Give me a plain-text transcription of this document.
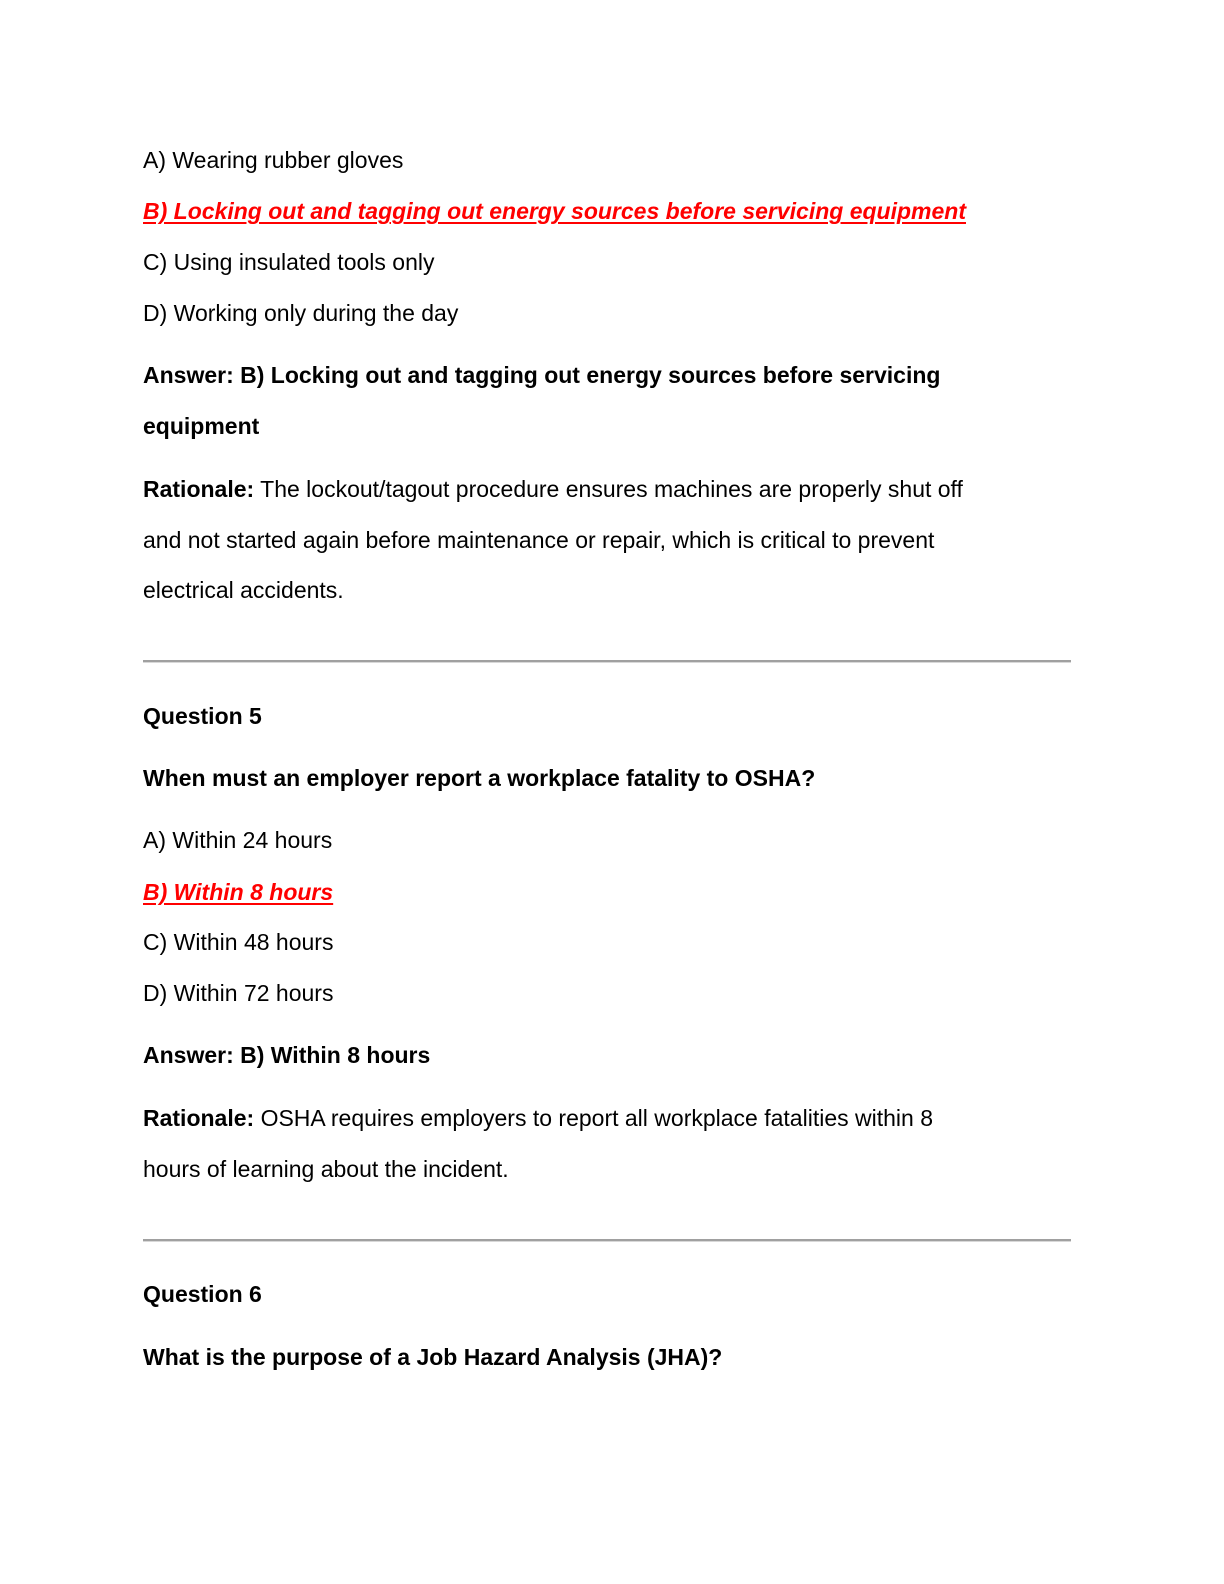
A) Wearing rubber gloves
B) Locking out and tagging out energy sources before servicing equipment
C) Using insulated tools only
D) Working only during the day
Answer: B) Locking out and tagging out energy sources before servicing
equipment
Rationale: The lockout/tagout procedure ensures machines are properly shut off
and not started again before maintenance or repair, which is critical to prevent
electrical accidents.
Question 5
When must an employer report a workplace fatality to OSHA?
A) Within 24 hours
B) Within 8 hours
C) Within 48 hours
D) Within 72 hours
Answer: B) Within 8 hours
Rationale: OSHA requires employers to report all workplace fatalities within 8
hours of learning about the incident.
Question 6
What is the purpose of a Job Hazard Analysis (JHA)?
